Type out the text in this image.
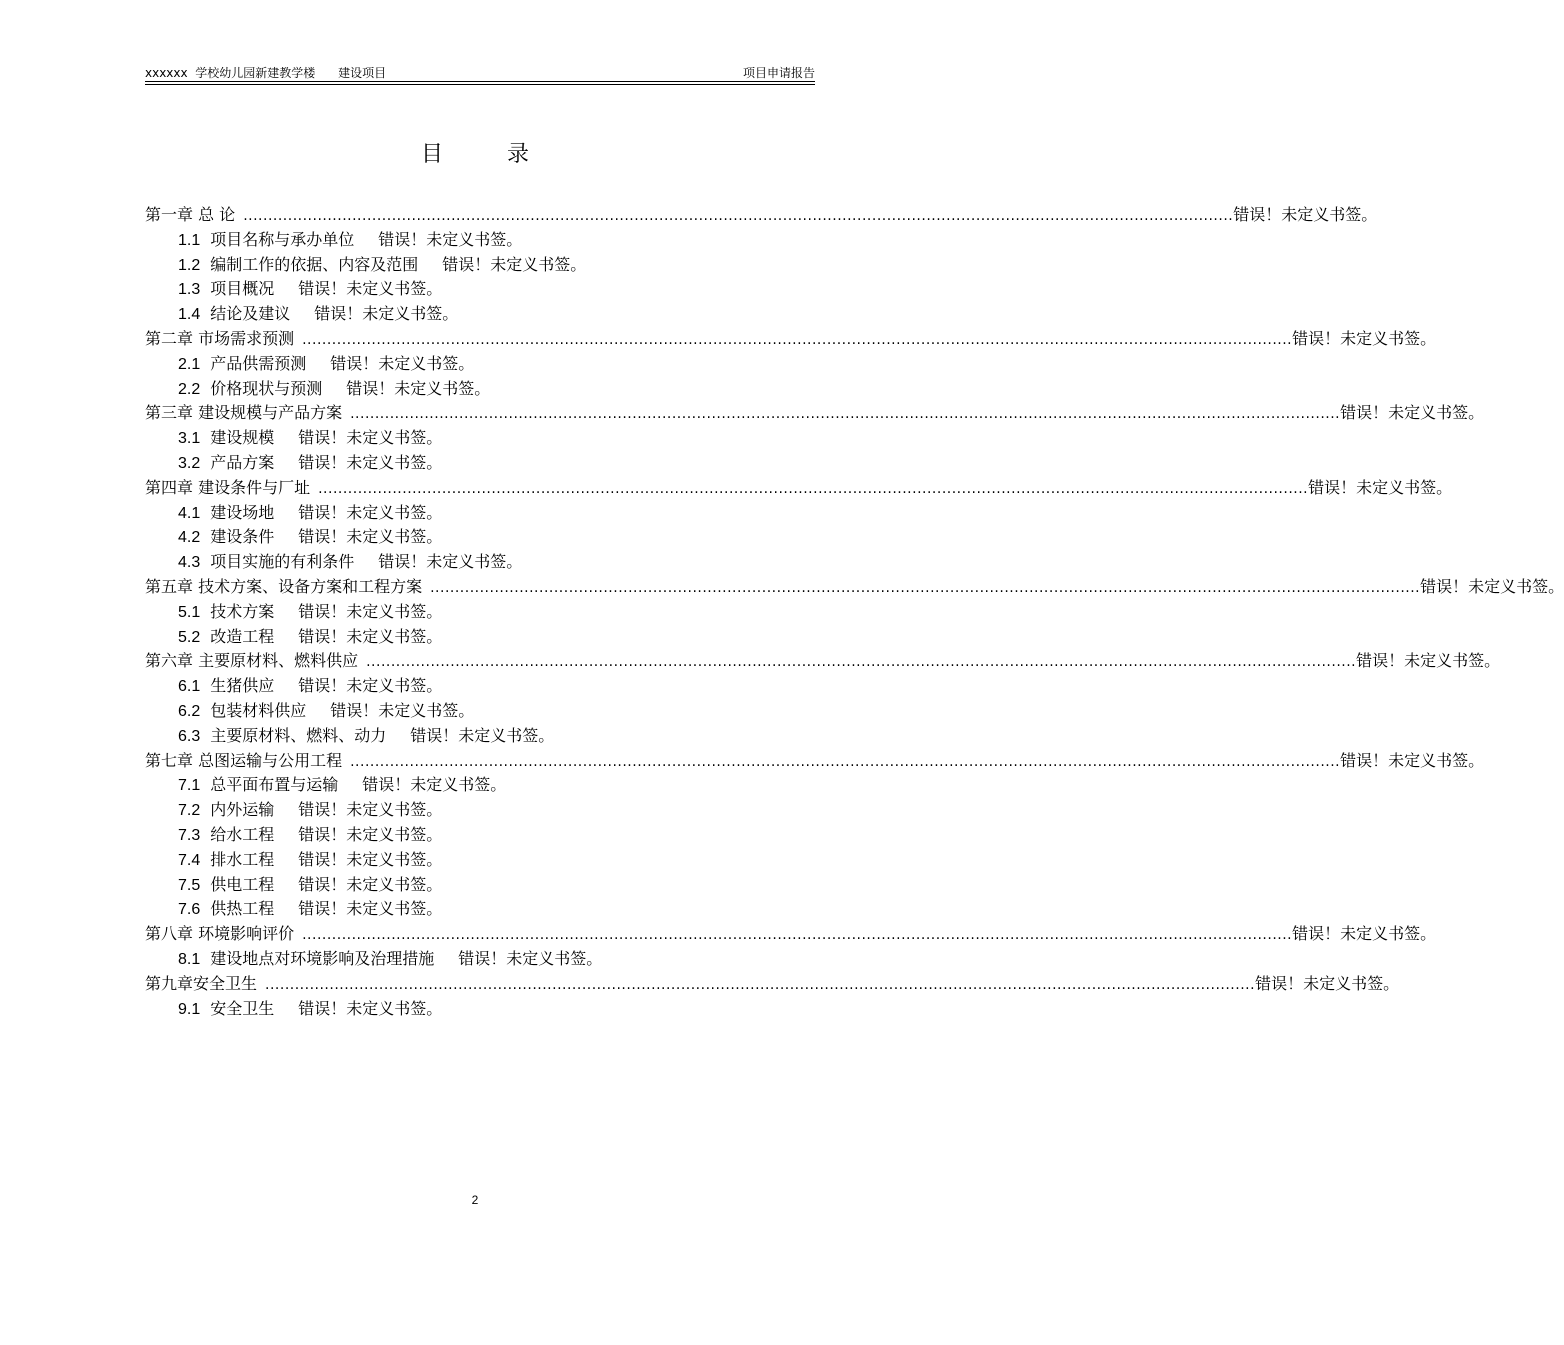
xxxxxx  学校幼儿园新建教学楼      建设项目	项目申请报告
目	录
第一章 总 论 ........................................................................................................................................................................................................ 错误！未定义书签。
1.1 项目名称与承办单位 错误！未定义书签。
1.2 编制工作的依据、内容及范围 错误！未定义书签。
1.3 项目概况 错误！未定义书签。
1.4 结论及建议 错误！未定义书签。
第二章 市场需求预测 ........................................................................................................................................................................................................ 错误！未定义书签。
2.1 产品供需预测 错误！未定义书签。
2.2 价格现状与预测 错误！未定义书签。
第三章 建设规模与产品方案 ........................................................................................................................................................................................................ 错误！未定义书签。
3.1 建设规模 错误！未定义书签。
3.2 产品方案 错误！未定义书签。
第四章 建设条件与厂址 ........................................................................................................................................................................................................ 错误！未定义书签。
4.1 建设场地 错误！未定义书签。
4.2 建设条件 错误！未定义书签。
4.3 项目实施的有利条件 错误！未定义书签。
第五章 技术方案、设备方案和工程方案 ........................................................................................................................................................................................................ 错误！未定义书签。
5.1 技术方案 错误！未定义书签。
5.2 改造工程 错误！未定义书签。
第六章 主要原材料、燃料供应 ........................................................................................................................................................................................................ 错误！未定义书签。
6.1 生猪供应 错误！未定义书签。
6.2 包装材料供应 错误！未定义书签。
6.3 主要原材料、燃料、动力 错误！未定义书签。
第七章 总图运输与公用工程 ........................................................................................................................................................................................................ 错误！未定义书签。
7.1 总平面布置与运输 错误！未定义书签。
7.2 内外运输 错误！未定义书签。
7.3 给水工程 错误！未定义书签。
7.4 排水工程 错误！未定义书签。
7.5 供电工程 错误！未定义书签。
7.6 供热工程 错误！未定义书签。
第八章 环境影响评价 ........................................................................................................................................................................................................ 错误！未定义书签。
8.1 建设地点对环境影响及治理措施 错误！未定义书签。
第九章安全卫生 ........................................................................................................................................................................................................ 错误！未定义书签。
9.1 安全卫生 错误！未定义书签。
2
